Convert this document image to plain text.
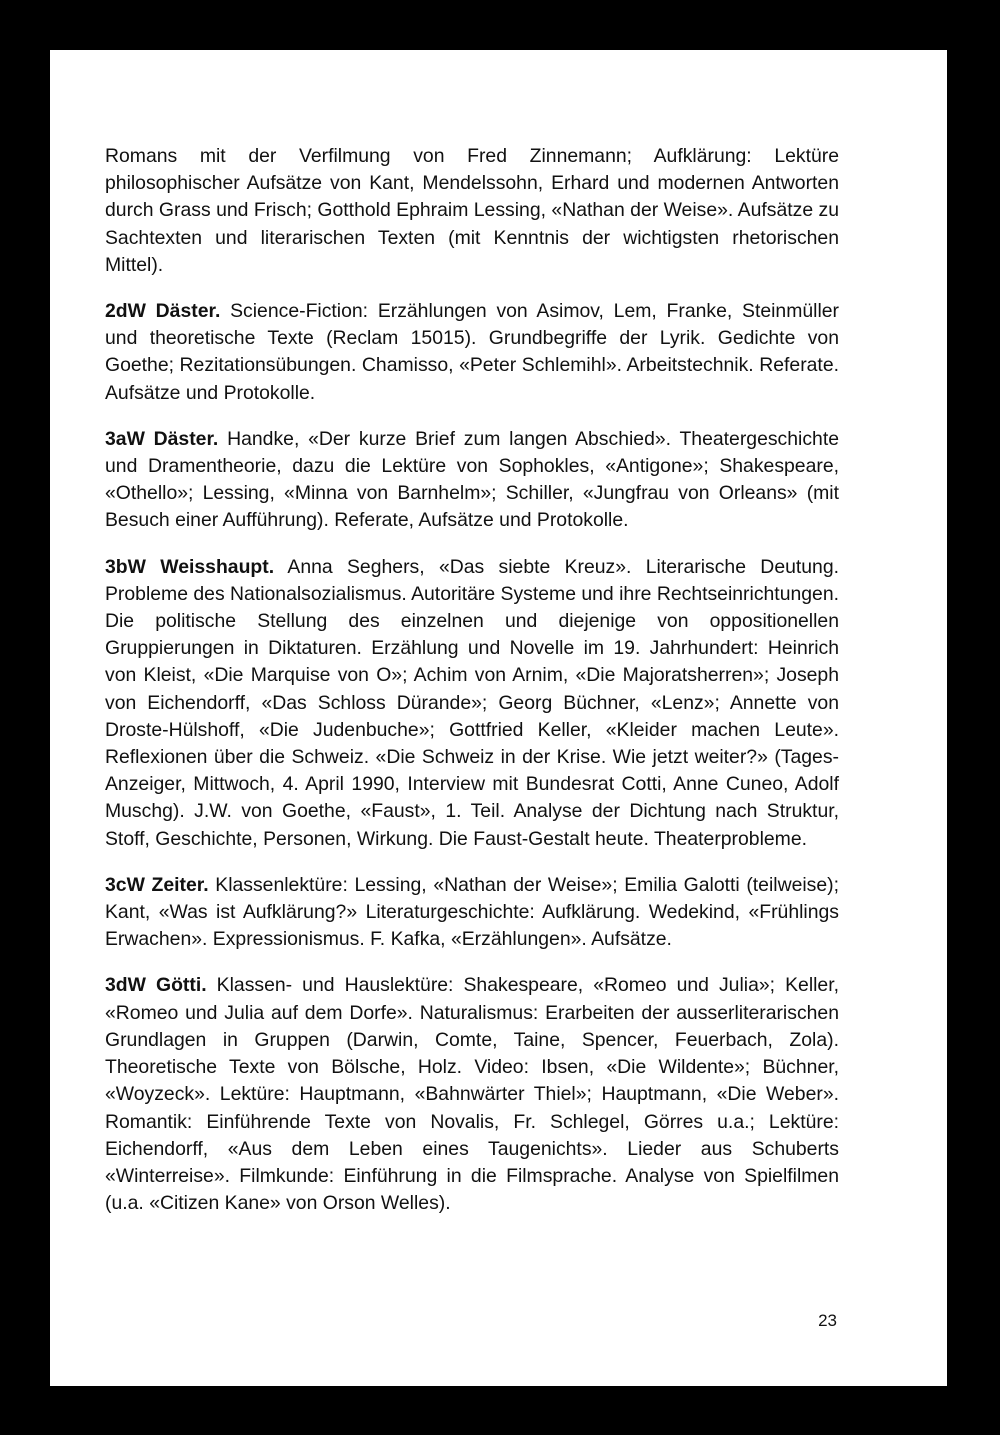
Romans mit der Verfilmung von Fred Zinnemann; Aufklärung: Lektüre philosophischer Aufsätze von Kant, Mendelssohn, Erhard und modernen Antworten durch Grass und Frisch; Gotthold Ephraim Lessing, «Nathan der Weise». Aufsätze zu Sachtexten und literarischen Texten (mit Kenntnis der wichtigsten rhetorischen Mittel).

2dW Däster. Science-Fiction: Erzählungen von Asimov, Lem, Franke, Steinmüller und theoretische Texte (Reclam 15015). Grundbegriffe der Lyrik. Gedichte von Goethe; Rezitationsübungen. Chamisso, «Peter Schlemihl». Arbeitstechnik. Referate. Aufsätze und Protokolle.

3aW Däster. Handke, «Der kurze Brief zum langen Abschied». Theatergeschichte und Dramentheorie, dazu die Lektüre von Sophokles, «Antigone»; Shakespeare, «Othello»; Lessing, «Minna von Barnhelm»; Schiller, «Jungfrau von Orleans» (mit Besuch einer Aufführung). Referate, Aufsätze und Protokolle.

3bW Weisshaupt. Anna Seghers, «Das siebte Kreuz». Literarische Deutung. Probleme des Nationalsozialismus. Autoritäre Systeme und ihre Rechtseinrichtungen. Die politische Stellung des einzelnen und diejenige von oppositionellen Gruppierungen in Diktaturen. Erzählung und Novelle im 19. Jahrhundert: Heinrich von Kleist, «Die Marquise von O»; Achim von Arnim, «Die Majoratsherren»; Joseph von Eichendorff, «Das Schloss Dürande»; Georg Büchner, «Lenz»; Annette von Droste-Hülshoff, «Die Judenbuche»; Gottfried Keller, «Kleider machen Leute». Reflexionen über die Schweiz. «Die Schweiz in der Krise. Wie jetzt weiter?» (Tages-Anzeiger, Mittwoch, 4. April 1990, Interview mit Bundesrat Cotti, Anne Cuneo, Adolf Muschg). J.W. von Goethe, «Faust», 1. Teil. Analyse der Dichtung nach Struktur, Stoff, Geschichte, Personen, Wirkung. Die Faust-Gestalt heute. Theaterprobleme.

3cW Zeiter. Klassenlektüre: Lessing, «Nathan der Weise»; Emilia Galotti (teilweise); Kant, «Was ist Aufklärung?» Literaturgeschichte: Aufklärung. Wedekind, «Frühlings Erwachen». Expressionismus. F. Kafka, «Erzählungen». Aufsätze.

3dW Götti. Klassen- und Hauslektüre: Shakespeare, «Romeo und Julia»; Keller, «Romeo und Julia auf dem Dorfe». Naturalismus: Erarbeiten der ausserliterarischen Grundlagen in Gruppen (Darwin, Comte, Taine, Spencer, Feuerbach, Zola). Theoretische Texte von Bölsche, Holz. Video: Ibsen, «Die Wildente»; Büchner, «Woyzeck». Lektüre: Hauptmann, «Bahnwärter Thiel»; Hauptmann, «Die Weber». Romantik: Einführende Texte von Novalis, Fr. Schlegel, Görres u.a.; Lektüre: Eichendorff, «Aus dem Leben eines Taugenichts». Lieder aus Schuberts «Winterreise». Filmkunde: Einführung in die Filmsprache. Analyse von Spielfilmen (u.a. «Citizen Kane» von Orson Welles).

23
